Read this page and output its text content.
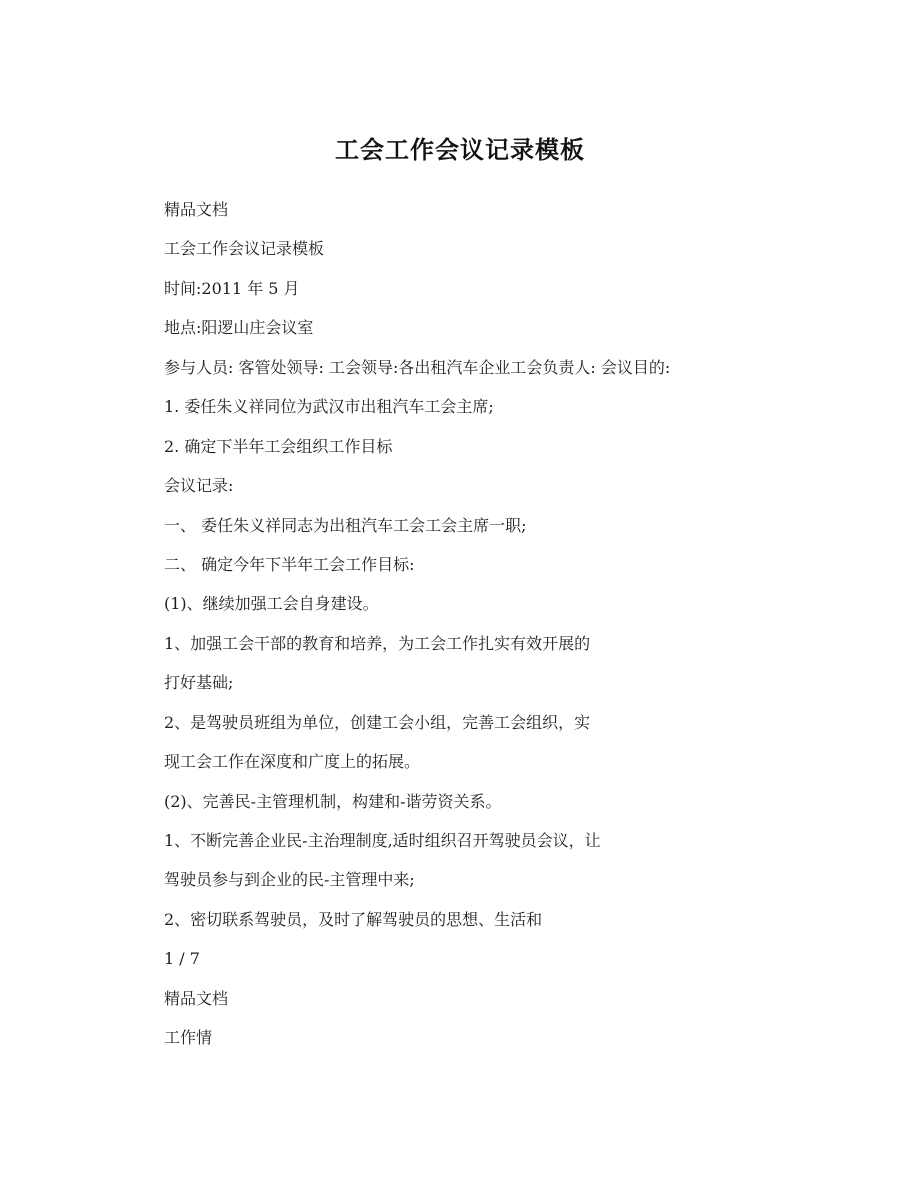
工会工作会议记录模板
精品文档
工会工作会议记录模板
时间:2011 年 5 月
地点:阳逻山庄会议室
参与人员: 客管处领导: 工会领导:各出租汽车企业工会负责人: 会议目的:
1. 委任朱义祥同位为武汉市出租汽车工会主席;
2. 确定下半年工会组织工作目标
会议记录:
一、 委任朱义祥同志为出租汽车工会工会主席一职;
二、 确定今年下半年工会工作目标:
(1)、继续加强工会自身建设。
1、加强工会干部的教育和培养，为工会工作扎实有效开展的
打好基础;
2、是驾驶员班组为单位，创建工会小组，完善工会组织，实
现工会工作在深度和广度上的拓展。
(2)、完善民-主管理机制，构建和-谐劳资关系。
1、不断完善企业民-主治理制度,适时组织召开驾驶员会议，让
驾驶员参与到企业的民-主管理中来;
2、密切联系驾驶员，及时了解驾驶员的思想、生活和
1 / 7
精品文档
工作情
